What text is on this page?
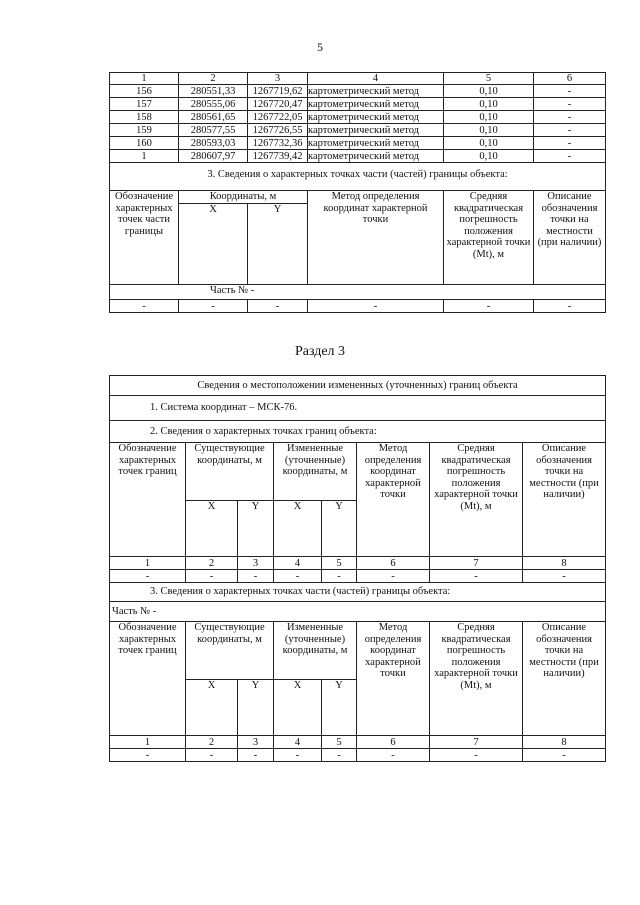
5
1	2	3	4	5	6
156	280551,33	1267719,62	картометрический метод	0,10	-
157	280555,06	1267720,47	картометрический метод	0,10	-
158	280561,65	1267722,05	картометрический метод	0,10	-
159	280577,55	1267726,55	картометрический метод	0,10	-
160	280593,03	1267732,36	картометрический метод	0,10	-
1	280607,97	1267739,42	картометрический метод	0,10	-
3. Сведения о характерных точках части (частей) границы объекта:					
Обозначение характерных точек части границы	Координаты, м		Метод определения координат характерной точки	Средняя квадратическая погрешность положения характерной точки (Mt), м	Описание обозначения точки на местности (при наличии)
	X	Y			
Часть № -					
-	-	-	-	-	-
Раздел 3
Сведения о местоположении измененных (уточненных) границ объекта							
1. Система координат – МСК-76.							
2. Сведения о характерных точках границ объекта:							
Обозначение характерных точек границ	Существующие координаты, м		Измененные (уточненные) координаты, м		Метод определения координат характерной точки	Средняя квадратическая погрешность положения характерной точки (Mt), м	Описание обозначения точки на местности (при наличии)
	X	Y	X	Y			
1	2	3	4	5	6	7	8
-	-	-	-	-	-	-	-
3. Сведения о характерных точках части (частей) границы объекта:							
Часть № -							
Обозначение характерных точек границ	Существующие координаты, м		Измененные (уточненные) координаты, м		Метод определения координат характерной точки	Средняя квадратическая погрешность положения характерной точки (Mt), м	Описание обозначения точки на местности (при наличии)
	X	Y	X	Y			
1	2	3	4	5	6	7	8
-	-	-	-	-	-	-	-
